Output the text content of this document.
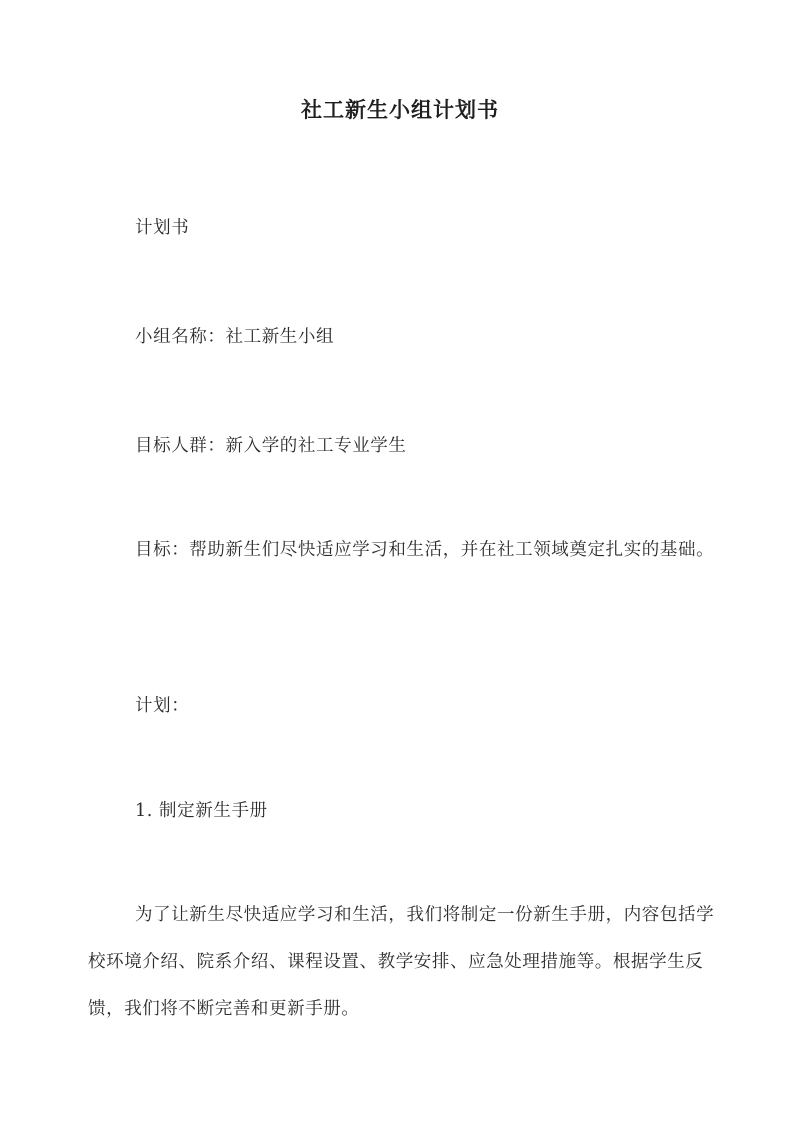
社工新生小组计划书

计划书

小组名称：社工新生小组

目标人群：新入学的社工专业学生

目标：帮助新生们尽快适应学习和生活，并在社工领域奠定扎实的基础。

计划：

1. 制定新生手册

为了让新生尽快适应学习和生活，我们将制定一份新生手册，内容包括学校环境介绍、院系介绍、课程设置、教学安排、应急处理措施等。根据学生反馈，我们将不断完善和更新手册。
